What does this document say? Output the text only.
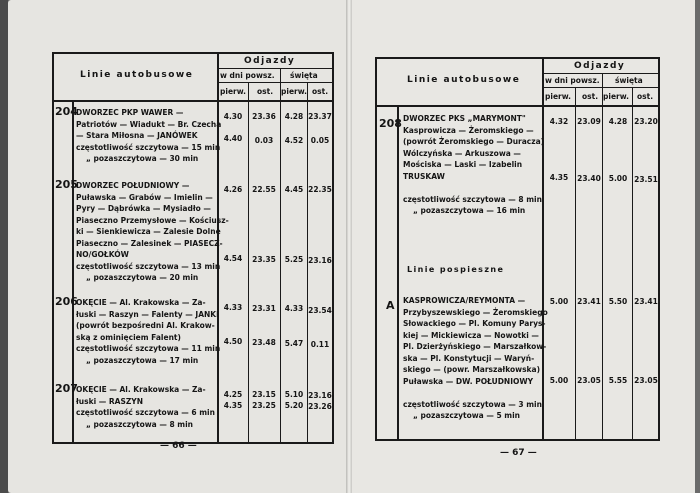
Linie autobusowe
Odjazdy
w dni powsz. święta
pierw. ost. pierw. ost.
204
DWORZEC PKP WAWER —
Patriotów — Wiadukt — Br. Czecha
— Stara Miłosna — JANÓWEK
częstotliwość szczytowa — 15 min
„ pozaszczytowa — 30 min
4.30	23.36	4.28 23.37
4.40	0.03	4.52 0.05
205
DWORZEC POŁUDNIOWY —
Puławska — Grabów — Imielin —
Pyry — Dąbrówka — Mysiadło —
Piaseczno Przemysłowe — Kościusz-
ki — Sienkiewicza — Zalesie Dolne
Piaseczno — Zalesinek — PIASECZ-
NO/GOŁKÓW
częstotliwość szczytowa — 13 min
„ pozaszczytowa — 20 min
4.26	22.55	4.45 22.35
4.54	23.35	5.25 23.16
206
OKĘCIE — Al. Krakowska — Za-
łuski — Raszyn — Falenty — JANKI
(powrót bezpośredni Al. Krakow-
ską z ominięciem Falent)
częstotliwość szczytowa — 11 min
„ pozaszczytowa — 17 min
4.33	23.31	4.33 23.54
4.50	23.48	5.47 0.11
207
OKĘCIE — Al. Krakowska — Za-
łuski — RASZYN
częstotliwość szczytowa — 6 min
„ pozaszczytowa — 8 min
4.25	23.15	5.10 23.16
4.35	23.25	5.20 23.26
— 66 —
Linie autobusowe
Odjazdy
w dni powsz. święta
pierw. ost. pierw. ost.
208 DWORZEC PKS „MARYMONT"
Kasprowicza — Żeromskiego —
(powrót Żeromskiego — Duracza)
Wólczyńska — Arkuszowa —
Mościska — Laski — Izabelin
TRUSKAW
częstotliwość szczytowa — 8 min
„ pozaszczytowa — 16 min
4.32	23.09	4.28 23.20
4.35	23.40	5.00 23.51
Linie pospieszne
A KASPROWICZA/REYMONTA —
Przybyszewskiego — Żeromskiego
Słowackiego — Pl. Komuny Parys-
kiej — Mickiewicza — Nowotki —
Pl. Dzierżyńskiego — Marszałkow-
ska — Pl. Konstytucji — Waryń-
skiego — (powr. Marszałkowska)
Puławska — DW. POŁUDNIOWY
częstotliwość szczytowa — 3 min
„ pozaszczytowa — 5 min
5.00	23.41	5.50 23.41
5.00	23.05	5.55 23.05
— 67 —
